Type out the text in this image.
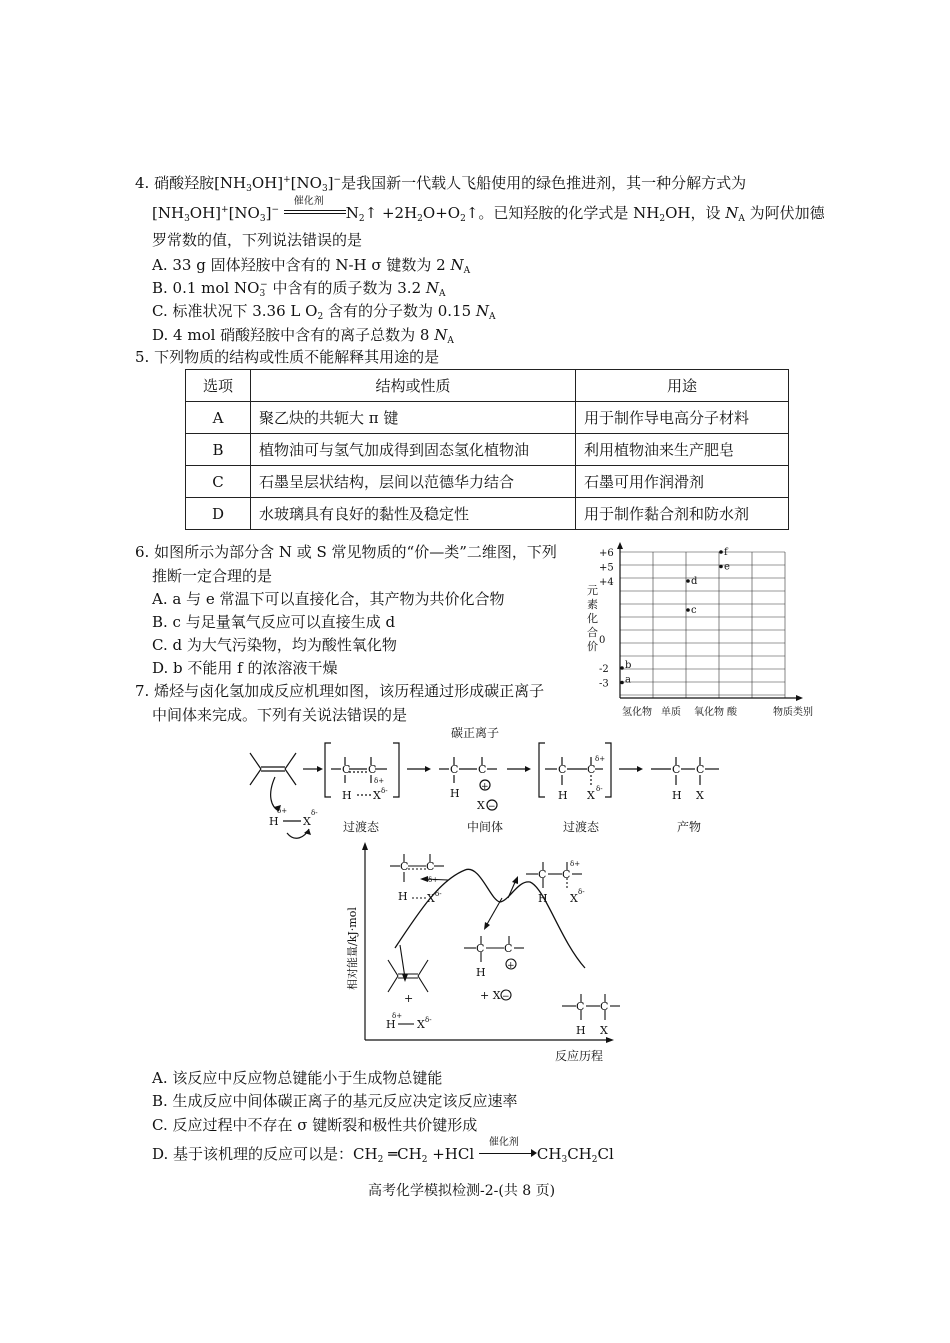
4. 硝酸羟胺$[NH_3OH]^+[NO_3]^-$是我国新一代载人飞船使用的绿色推进剂，其一种分解方式为
$[NH_3OH]^+[NO_3]^-$
催化剂
$N_2↑$ $+2H_2O+O_2↑$。已知羟胺的化学式是 $NH_2OH$，设 $N_A$ 为阿伏加德
罗常数的值，下列说法错误的是
A. 33 g 固体羟胺中含有的 N-H σ 键数为 2 $N_A$
B. 0.1 mol $NO_3^-$ 中含有的质子数为 3.2 $N_A$
C. 标准状况下 3.36 L $O_2$ 含有的分子数为 0.15 $N_A$
D. 4 mol 硝酸羟胺中含有的离子总数为 8 $N_A$
5. 下列物质的结构或性质不能解释其用途的是
选项	结构或性质	用途
A	聚乙炔的共轭大 π 键	用于制作导电高分子材料
B	植物油可与氢气加成得到固态氢化植物油	利用植物油来生产肥皂
C	石墨呈层状结构，层间以范德华力结合	石墨可用作润滑剂
D	水玻璃具有良好的黏性及稳定性	用于制作黏合剂和防水剂
6. 如图所示为部分含 N 或 S 常见物质的“价—类”二维图，下列
推断一定合理的是
A. a 与 e 常温下可以直接化合，其产物为共价化合物
B. c 与足量氧气反应可以直接生成 d
C. d 为大气污染物，均为酸性氧化物
D. b 不能用 f 的浓溶液干燥
元
素
化
合
价
+6
+5
+4
0
-2
-3
氢化物 单质 氧化物 酸	物质类别
a
b
c
d
e
f
7. 烯烃与卤化氢加成反应机理如图，该历程通过形成碳正离子
中间体来完成。下列有关说法错误的是
H X
δ+	δ-
C C
δ+
H X δ-
C C
H +
X −
C C
δ+
H X δ-
C C
H X
碳正离子
过渡态	中间体	过渡态	产物
相对能量/kJ·mol
反应历程
C C
δ+
H X δ-
+
H X
δ+	δ-
C C
H +
+ X −
C C
δ+
H X δ-
C C
H X
A. 该反应中反应物总键能小于生成物总键能
B. 生成反应中间体碳正离子的基元反应决定该反应速率
C. 反应过程中不存在 σ 键断裂和极性共价键形成
D. 基于该机理的反应可以是：$CH_2$ $═CH_2 +HCl$
催化剂
$CH_3CH_2Cl$
高考化学模拟检测-2-(共 8 页)
